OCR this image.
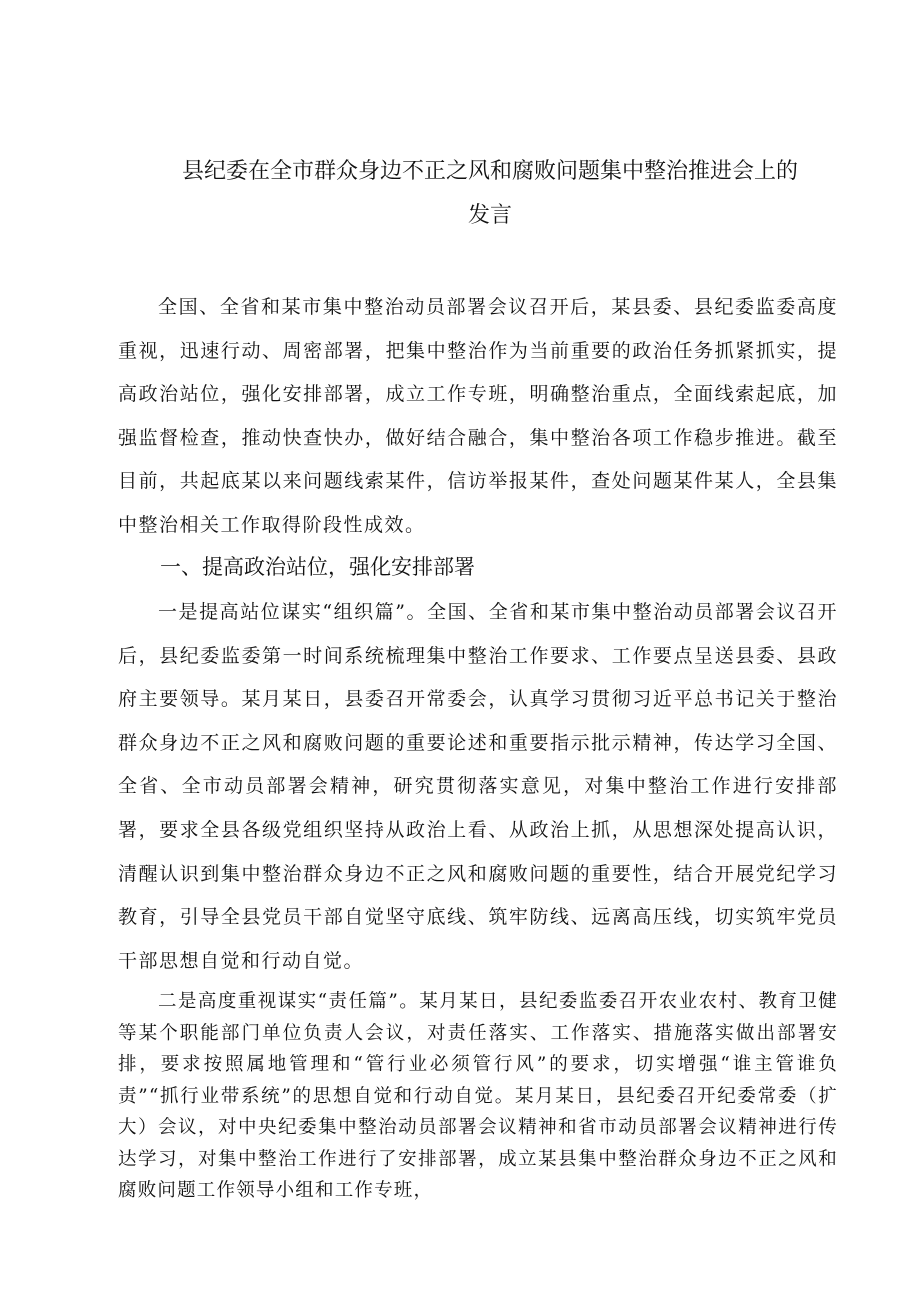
县纪委在全市群众身边不正之风和腐败问题集中整治推进会上的
发言

全国、全省和某市集中整治动员部署会议召开后，某县委、县纪委监委高度重视，迅速行动、周密部署，把集中整治作为当前重要的政治任务抓紧抓实，提高政治站位，强化安排部署，成立工作专班，明确整治重点，全面线索起底，加强监督检查，推动快查快办，做好结合融合，集中整治各项工作稳步推进。截至目前，共起底某以来问题线索某件，信访举报某件，查处问题某件某人，全县集中整治相关工作取得阶段性成效。

一、提高政治站位，强化安排部署

一是提高站位谋实“组织篇”。全国、全省和某市集中整治动员部署会议召开后，县纪委监委第一时间系统梳理集中整治工作要求、工作要点呈送县委、县政府主要领导。某月某日，县委召开常委会，认真学习贯彻习近平总书记关于整治群众身边不正之风和腐败问题的重要论述和重要指示批示精神，传达学习全国、全省、全市动员部署会精神，研究贯彻落实意见，对集中整治工作进行安排部署，要求全县各级党组织坚持从政治上看、从政治上抓，从思想深处提高认识，清醒认识到集中整治群众身边不正之风和腐败问题的重要性，结合开展党纪学习教育，引导全县党员干部自觉坚守底线、筑牢防线、远离高压线，切实筑牢党员干部思想自觉和行动自觉。

二是高度重视谋实“责任篇”。某月某日，县纪委监委召开农业农村、教育卫健等某个职能部门单位负责人会议，对责任落实、工作落实、措施落实做出部署安排，要求按照属地管理和“管行业必须管行风”的要求，切实增强“谁主管谁负责”“抓行业带系统”的思想自觉和行动自觉。某月某日，县纪委召开纪委常委（扩大）会议，对中央纪委集中整治动员部署会议精神和省市动员部署会议精神进行传达学习，对集中整治工作进行了安排部署，成立某县集中整治群众身边不正之风和腐败问题工作领导小组和工作专班，
